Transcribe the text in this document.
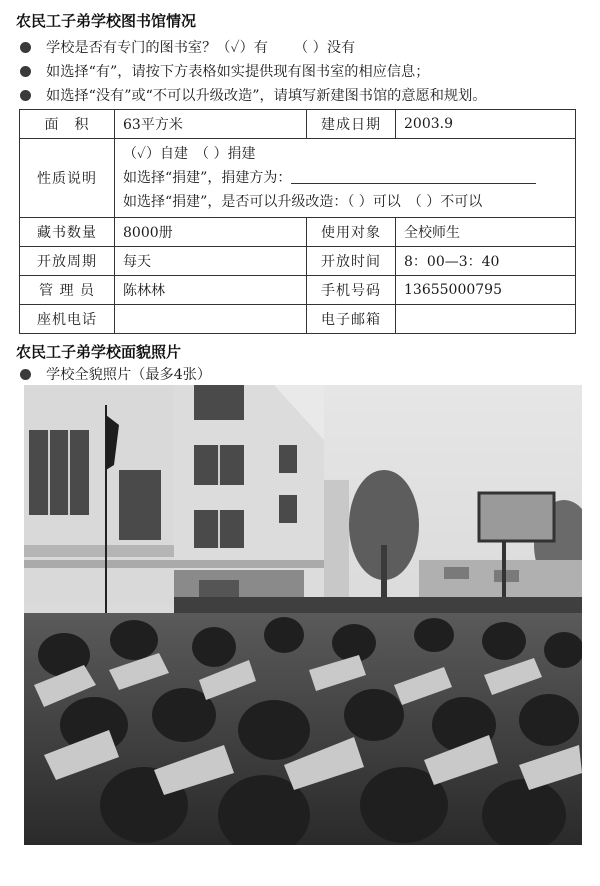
农民工子弟学校图书馆情况
学校是否有专门的图书室？（✓）有 （ ）没有
如选择“有”，请按下方表格如实提供现有图书室的相应信息；
如选择“没有”或“不可以升级改造”，请填写新建图书馆的意愿和规划。
面　积	63平方米	建成日期	2003.9
性质说明	（✓）自建　（ ）捐建
如选择“捐建”，捐建方为：
如选择“捐建”，是否可以升级改造：（ ）可以　（ ）不可以		

藏书数量	8000册	使用对象	全校师生
开放周期	每天	开放时间	8：00—3：40
管 理 员	陈林林	手机号码	13655000795
座机电话		电子邮箱	
农民工子弟学校面貌照片
学校全貌照片（最多4张）
